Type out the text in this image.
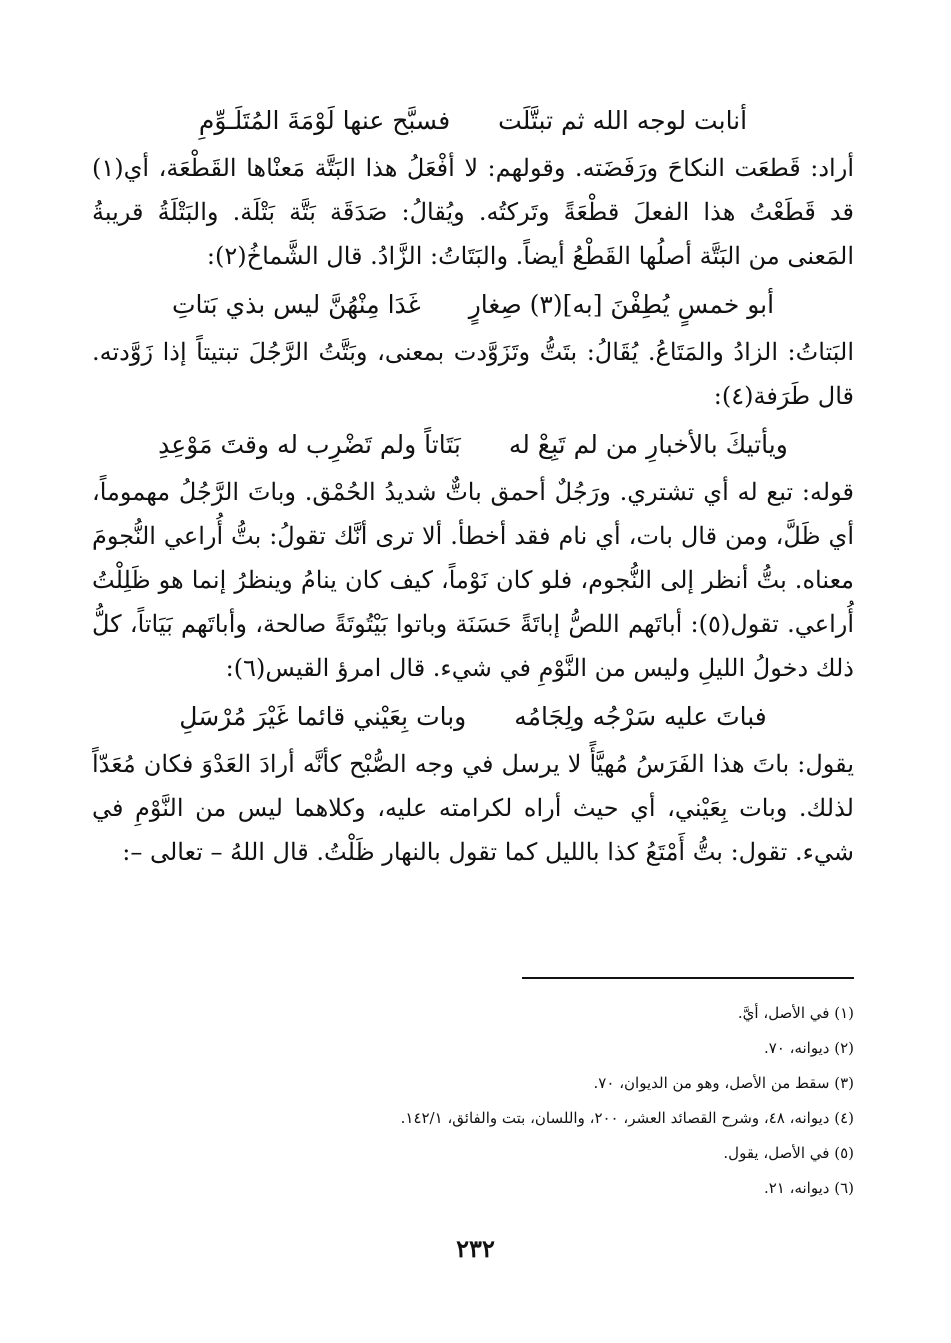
أنابت لوجه الله ثم تبتَّلَت
فسبَّح عنها لَوْمَةَ المُتَلَـوِّمِ

أراد: قَطعَت النكاحَ ورَفَضَته. وقولهم: لا أفْعَلُ هذا البَتَّة مَعنْاها القَطْعَة، أي(١) قد قَطَعْتُ هذا الفعلَ قطْعَةً وتَركتُه. ويُقالُ: صَدَقَة بَتَّة بَتْلَة. والبَتْلَةُ قريبةُ المَعنى من البَتَّة أصلُها القَطْعُ أيضاً. والبَتَاتُ: الزَّادُ. قال الشَّماخُ(٢):

أبو خمسٍ يُطِفْنَ [به](٣) صِغارٍ
غَدَا مِنْهُنَّ ليس بذي بَتاتِ

البَتاتُ: الزادُ والمَتَاعُ. يُقَالُ: بتَتُّ وتَزَوَّدت بمعنى، وبَتَّتُ الرَّجُلَ تبتيتاً إذا زَوَّدته. قال طَرَفة(٤):

ويأتيكَ بالأخبارِ من لم تَبِعْ له
بَتَاتاً ولم تَضْرِب له وقتَ مَوْعِدِ

قوله: تبع له أي تشتري. ورَجُلٌ أحمق باتٌّ شديدُ الحُمْق. وباتَ الرَّجُلُ مهموماً، أي ظَلَّ، ومن قال بات، أي نام فقد أخطأ. ألا ترى أنَّك تقولُ: بتُّ أُراعي النُّجومَ معناه. بتُّ أنظر إلى النُّجوم، فلو كان نَوْماً، كيف كان ينامُ وينظرُ إنما هو ظَلِلْتُ أُراعي. تقول(٥): أباتَهم اللصُّ إباتَةً حَسَنَة وباتوا بَيْتُوتَةً صالحة، وأباتَهم بَيَاتاً، كلُّ ذلك دخولُ الليلِ وليس من النَّوْمِ في شيء. قال امرؤ القيس(٦):

فباتَ عليه سَرْجُه ولِجَامُه
وبات بِعَيْني قائما غَيْرَ مُرْسَلِ

يقول: باتَ هذا الفَرَسُ مُهيَّأً لا يرسل في وجه الصُّبْح كأنَّه أرادَ العَدْوَ فكان مُعَدّاً لذلك. وبات بِعَيْني، أي حيث أراه لكرامته عليه، وكلاهما ليس من النَّوْمِ في شيء. تقول: بتُّ أَمْتَعُ كذا بالليل كما تقول بالنهار ظَلْتُ. قال اللهُ – تعالى –:

(١) في الأصل، أيَّ.
(٢) ديوانه، ٧٠.
(٣) سقط من الأصل، وهو من الديوان، ٧٠.
(٤) ديوانه، ٤٨، وشرح القصائد العشر، ٢٠٠، واللسان، بتت والفائق، ١٤٢/١.
(٥) في الأصل، يقول.
(٦) ديوانه، ٢١.
٢٣٢
